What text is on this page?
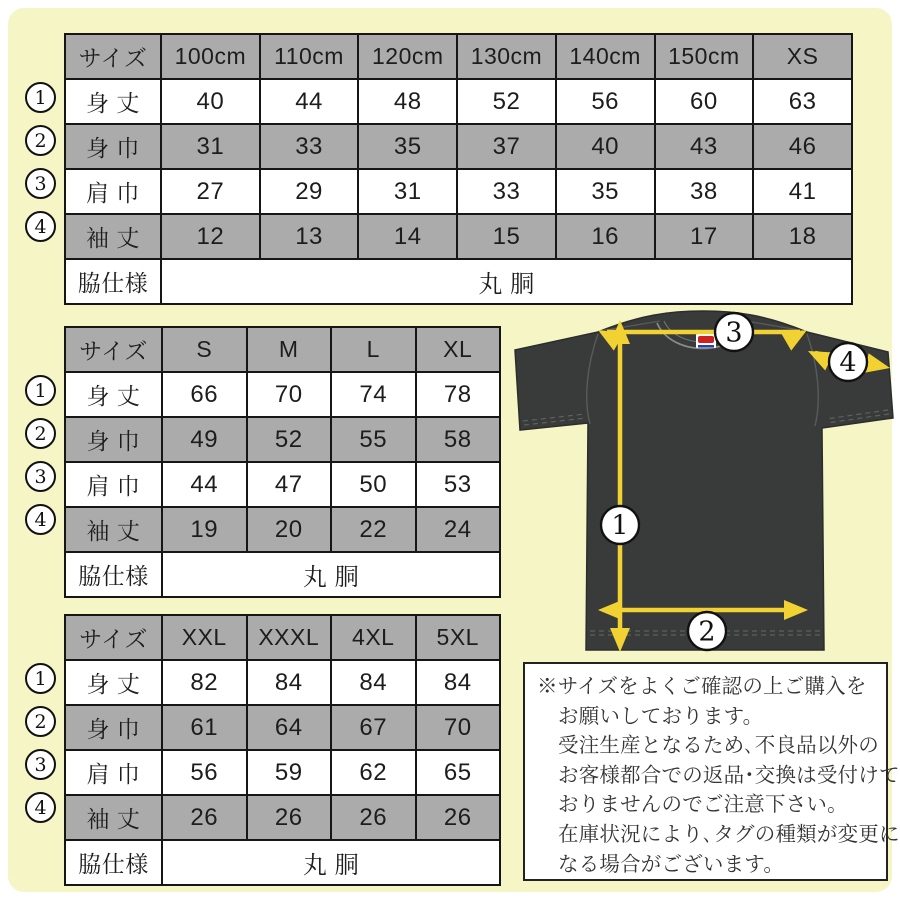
サイズ	100cm	110cm	120cm	130cm	140cm	150cm	XS
身 丈	40	44	48	52	56	60	63
身 巾	31	33	35	37	40	43	46
肩 巾	27	29	31	33	35	38	41
袖 丈	12	13	14	15	16	17	18
脇仕様	丸 胴						
サイズ	S	M	L	XL
身 丈	66	70	74	78
身 巾	49	52	55	58
肩 巾	44	47	50	53
袖 丈	19	20	22	24
脇仕様	丸 胴			
サイズ	XXL	XXXL	4XL	5XL
身 丈	82	84	84	84
身 巾	61	64	67	70
肩 巾	56	59	62	65
袖 丈	26	26	26	26
脇仕様	丸 胴			
1
2
3
4
1
2
3
4
1
2
3
4
3
4
1
2
※サイズをよくご確認の上ご購入を
お願いしております。
受注生産となるため､不良品以外の
お客様都合での返品･交換は受付けて
おりませんのでご注意下さい。
在庫状況により､タグの種類が変更に
なる場合がございます。
